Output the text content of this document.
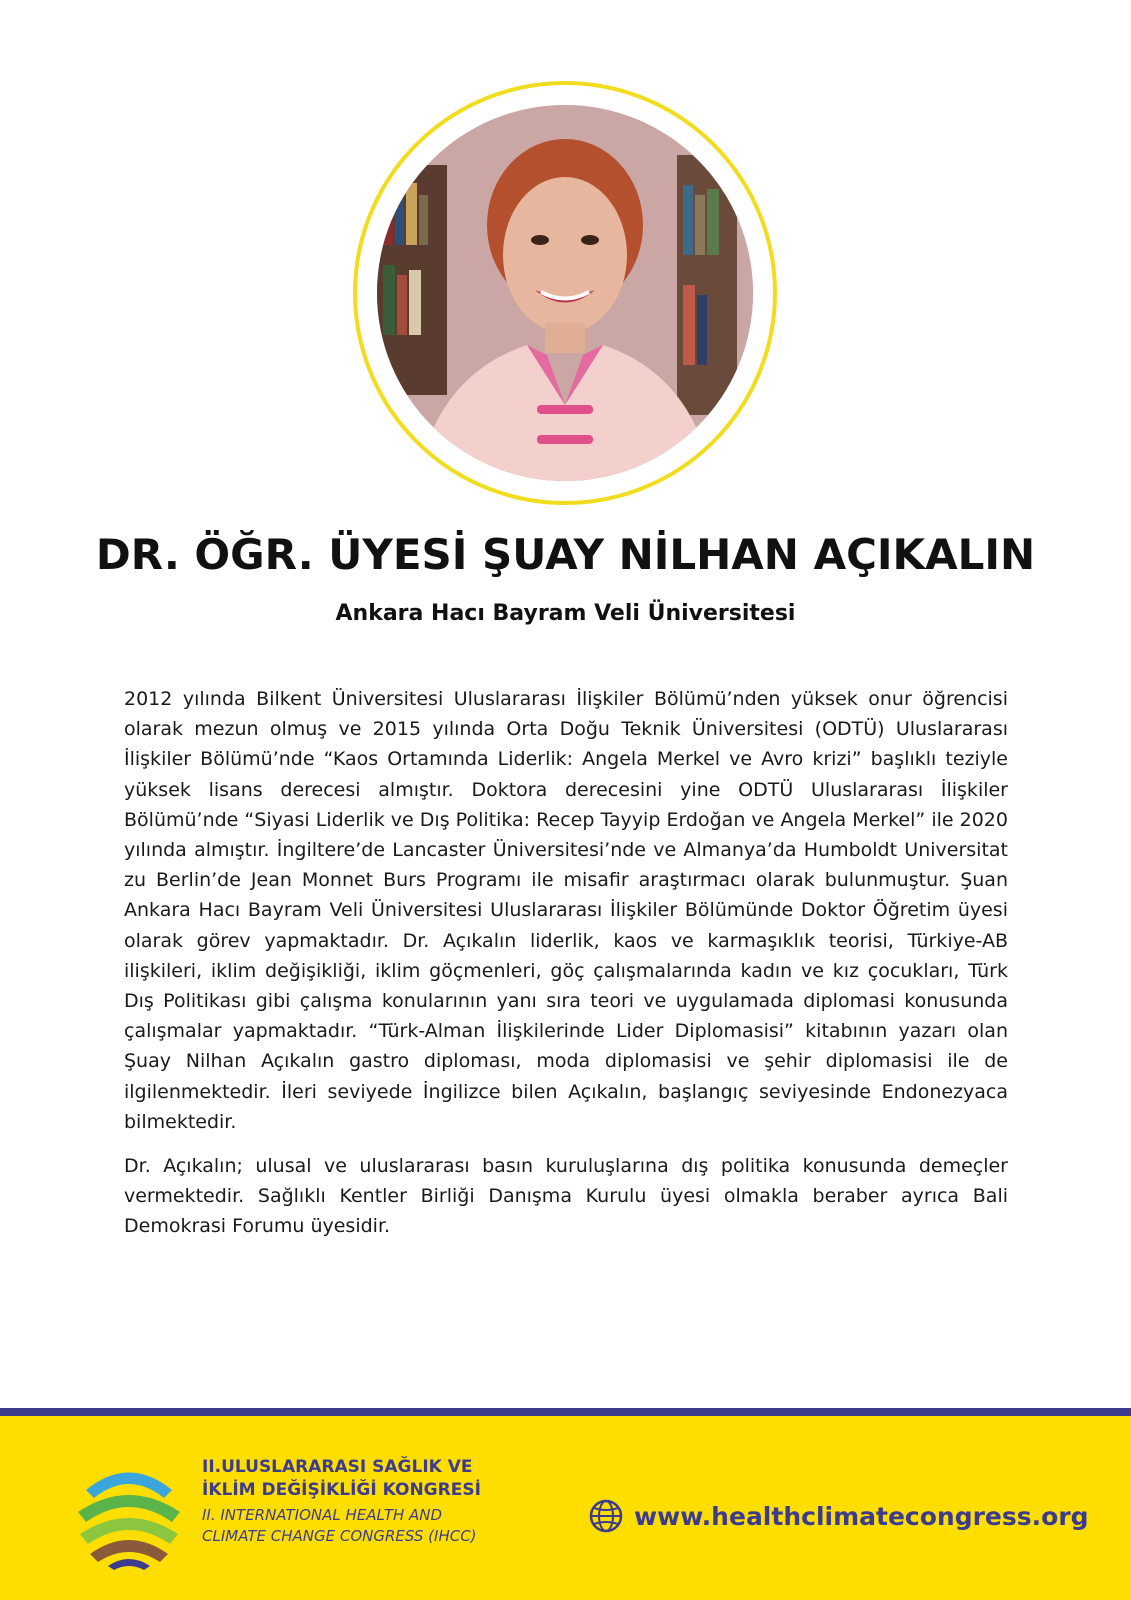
DR. ÖĞR. ÜYESİ ŞUAY NİLHAN AÇIKALIN
Ankara Hacı Bayram Veli Üniversitesi

2012 yılında Bilkent Üniversitesi Uluslararası İlişkiler Bölümü’nden yüksek onur öğrencisi olarak mezun olmuş ve 2015 yılında Orta Doğu Teknik Üniversitesi (ODTÜ) Uluslararası İlişkiler Bölümü’nde “Kaos Ortamında Liderlik: Angela Merkel ve Avro krizi” başlıklı teziyle yüksek lisans derecesi almıştır. Doktora derecesini yine ODTÜ Uluslararası İlişkiler Bölümü’nde “Siyasi Liderlik ve Dış Politika: Recep Tayyip Erdoğan ve Angela Merkel” ile 2020 yılında almıştır. İngiltere’de Lancaster Üniversitesi’nde ve Almanya’da Humboldt Universitat zu Berlin’de Jean Monnet Burs Programı ile misafir araştırmacı olarak bulunmuştur. Şuan Ankara Hacı Bayram Veli Üniversitesi Uluslararası İlişkiler Bölümünde Doktor Öğretim üyesi olarak görev yapmaktadır. Dr. Açıkalın liderlik, kaos ve karmaşıklık teorisi, Türkiye-AB ilişkileri, iklim değişikliği, iklim göçmenleri, göç çalışmalarında kadın ve kız çocukları, Türk Dış Politikası gibi çalışma konularının yanı sıra teori ve uygulamada diplomasi konusunda çalışmalar yapmaktadır. “Türk-Alman İlişkilerinde Lider Diplomasisi” kitabının yazarı olan Şuay Nilhan Açıkalın gastro diploması, moda diplomasisi ve şehir diplomasisi ile de ilgilenmektedir. İleri seviyede İngilizce bilen Açıkalın, başlangıç seviyesinde Endonezyaca bilmektedir.

Dr. Açıkalın; ulusal ve uluslararası basın kuruluşlarına dış politika konusunda demeçler vermektedir. Sağlıklı Kentler Birliği Danışma Kurulu üyesi olmakla beraber ayrıca Bali Demokrasi Forumu üyesidir.

II.ULUSLARARASI SAĞLIK VE
İKLİM DEĞİŞİKLİĞİ KONGRESİ
II. INTERNATIONAL HEALTH AND
CLIMATE CHANGE CONGRESS (IHCC)
www.healthclimatecongress.org
